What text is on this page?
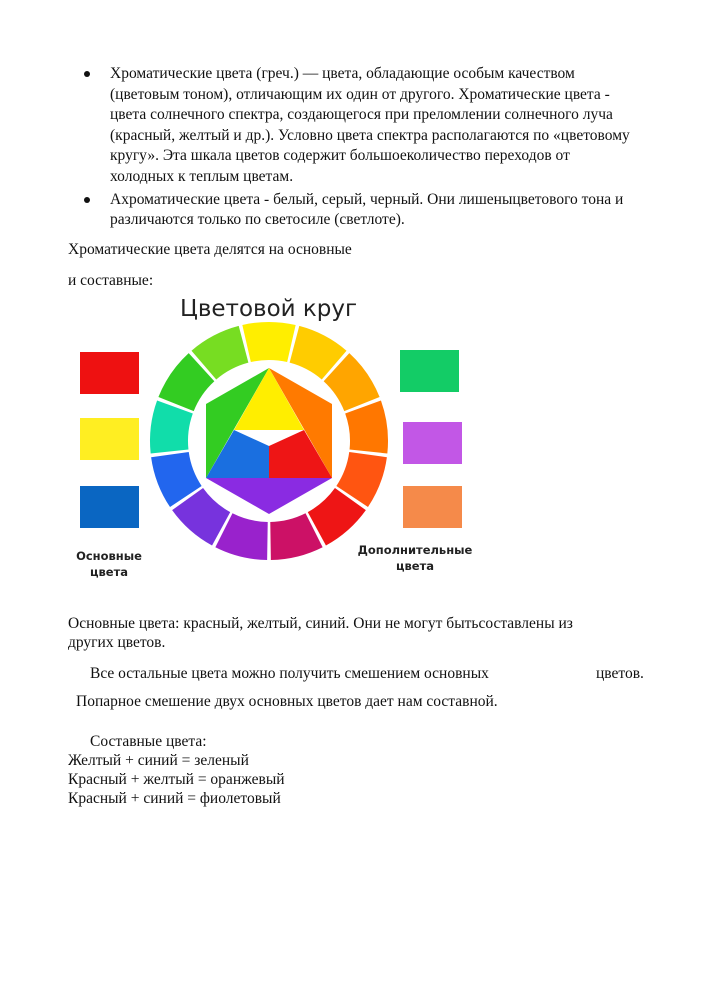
Хроматические цвета (греч.) — цвета, обладающие особым качеством
(цветовым тоном), отличающим их один от другого. Хроматические цвета -
цвета солнечного спектра, создающегося при преломлении солнечного луча
(красный, желтый и др.). Условно цвета спектра располагаются по «цветовому
кругу». Эта шкала цветов содержит большоеколичество переходов от
холодных к теплым цветам.
Ахроматические цвета - белый, серый, черный. Они лишеныцветового тона и
различаются только по светосиле (светлоте).
Хроматические цвета делятся на основные
и составные:
Цветовой круг
Основные
цвета
Дополнительные
цвета
Основные цвета: красный, желтый, синий. Они не могут бытьсоставлены из
других цветов.
Все остальные цвета можно получить смешением основных	цветов.
Попарное смешение двух основных цветов дает нам составной.
Составные цвета:
Желтый + синий = зеленый
Красный + желтый = оранжевый
Красный + синий = фиолетовый
